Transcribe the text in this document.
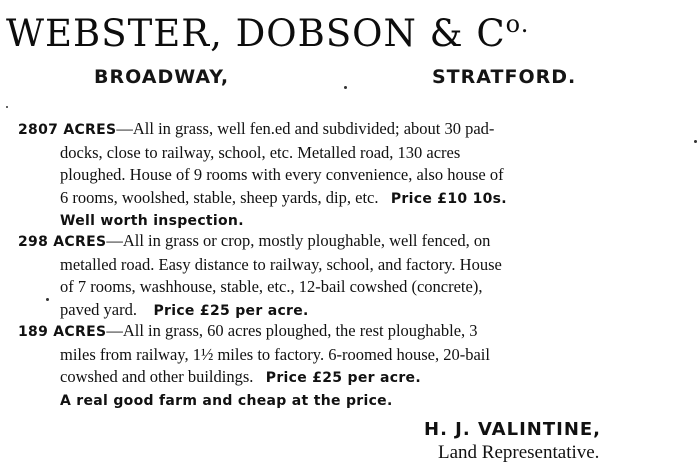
WEBSTER, DOBSON & $C^{o.}$
BROADWAY,	STRATFORD.
2807 ACRES—All in grass, well fen.ed and subdivided; about 30 pad-
docks, close to railway, school, etc. Metalled road, 130 acres
ploughed. House of 9 rooms with every convenience, also house of
6 rooms, woolshed, stable, sheep yards, dip, etc. Price £10 10s.
Well worth inspection.
298 ACRES—All in grass or crop, mostly ploughable, well fenced, on
metalled road. Easy distance to railway, school, and factory. House
of 7 rooms, washhouse, stable, etc., 12-bail cowshed (concrete),
paved yard. Price £25 per acre.
189 ACRES—All in grass, 60 acres ploughed, the rest ploughable, 3
miles from railway, 1½ miles to factory. 6-roomed house, 20-bail
cowshed and other buildings. Price £25 per acre.
A real good farm and cheap at the price.
H. J. VALINTINE,
Land Representative.
